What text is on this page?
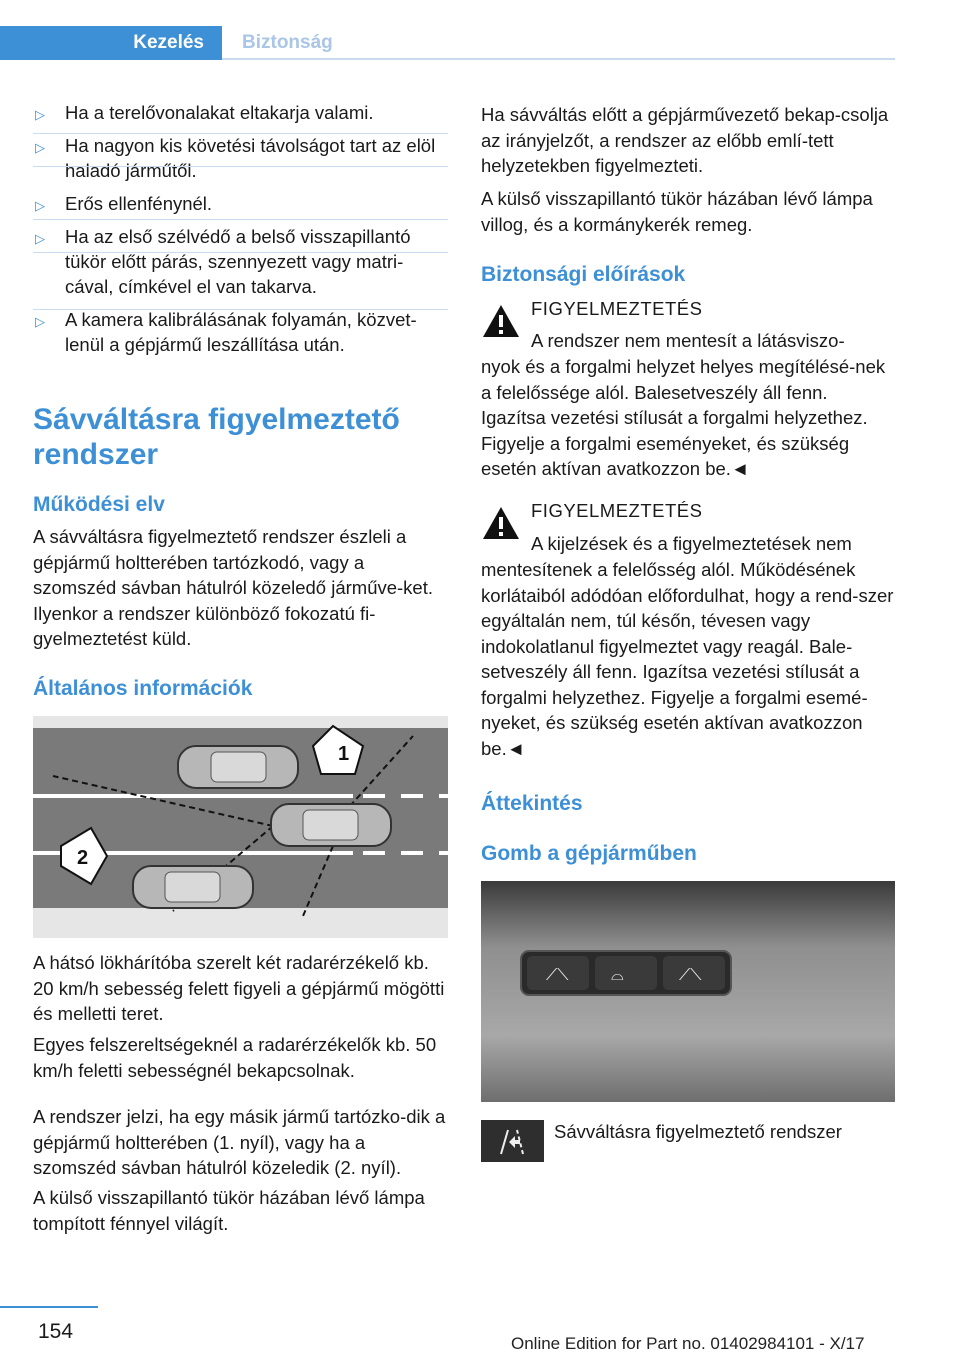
Kezelés	Biztonság
▷ Ha a terelővonalakat eltakarja valami.
▷ Ha nagyon kis követési távolságot tart az elöl haladó járműtől.
▷ Erős ellenfénynél.
▷ Ha az első szélvédő a belső visszapillantó tükör előtt párás, szennyezett vagy matri-cával, címkével el van takarva.
▷ A kamera kalibrálásának folyamán, közvet-lenül a gépjármű leszállítása után.
Sávváltásra figyelmeztető rendszer
Működési elv

A sávváltásra figyelmeztető rendszer észleli a gépjármű holtterében tartózkodó, vagy a szomszéd sávban hátulról közeledő járműve-ket. Ilyenkor a rendszer különböző fokozatú fi-gyelmeztetést küld.

Általános információk
1
2

A hátsó lökhárítóba szerelt két radarérzékelő kb. 20 km/h sebesség felett figyeli a gépjármű mögötti és melletti teret.

Egyes felszereltségeknél a radarérzékelők kb. 50 km/h feletti sebességnél bekapcsolnak.

A rendszer jelzi, ha egy másik jármű tartózko-dik a gépjármű holtterében (1. nyíl), vagy ha a szomszéd sávban hátulról közeledik (2. nyíl).

A külső visszapillantó tükör házában lévő lámpa tompított fénnyel világít.

Ha sávváltás előtt a gépjárművezető bekap-csolja az irányjelzőt, a rendszer az előbb emlí-tett helyzetekben figyelmezteti.

A külső visszapillantó tükör házában lévő lámpa villog, és a kormánykerék remeg.

Biztonsági előírások
FIGYELMEZTETÉS

A rendszer nem mentesít a látásviszo-

nyok és a forgalmi helyzet helyes megítélésé-nek a felelőssége alól. Balesetveszély áll fenn. Igazítsa vezetési stílusát a forgalmi helyzethez. Figyelje a forgalmi eseményeket, és szükség esetén aktívan avatkozzon be.◄

FIGYELMEZTETÉS

A kijelzések és a figyelmeztetések nem

mentesítenek a felelősség alól. Működésének korlátaiból adódóan előfordulhat, hogy a rend-szer egyáltalán nem, túl későn, tévesen vagy indokolatlanul figyelmeztet vagy reagál. Bale-setveszély áll fenn. Igazítsa vezetési stílusát a forgalmi helyzethez. Figyelje a forgalmi esemé-nyeket, és szükség esetén aktívan avatkozzon be.◄

Áttekintés
Gomb a gépjárműben
⟋⟍	⌓	⟋⟍
Sávváltásra figyelmeztető rendszer
154
Online Edition for Part no. 01402984101 - X/17
